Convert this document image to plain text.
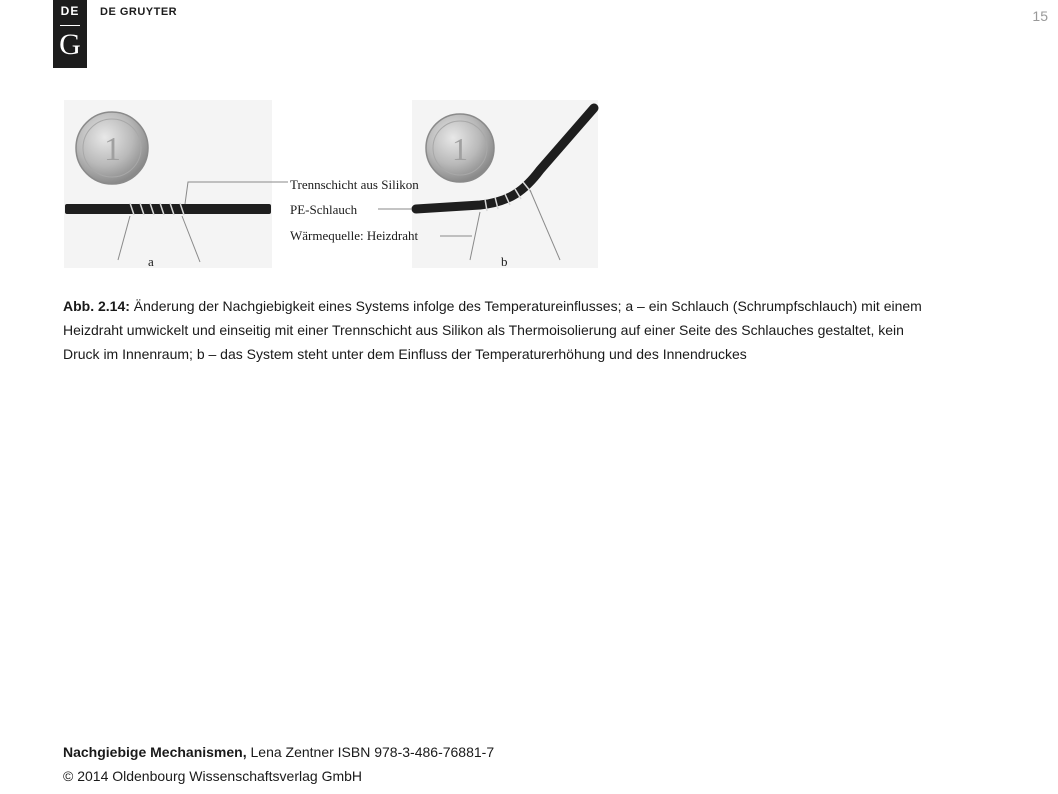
DE
G
DE GRUYTER	15
1	1
Trennschicht aus Silikon
PE-Schlauch
Wärmequelle: Heizdraht
a	b
Abb. 2.14: Änderung der Nachgiebigkeit eines Systems infolge des Temperatureinflusses; a – ein Schlauch (Schrumpfschlauch) mit einem Heizdraht umwickelt und einseitig mit einer Trennschicht aus Silikon als Thermoisolierung auf einer Seite des Schlauches gestaltet, kein Druck im Innenraum; b – das System steht unter dem Einfluss der Temperaturerhöhung und des Innendruckes
Nachgiebige Mechanismen, Lena Zentner ISBN 978-3-486-76881-7
© 2014 Oldenbourg Wissenschaftsverlag GmbH
